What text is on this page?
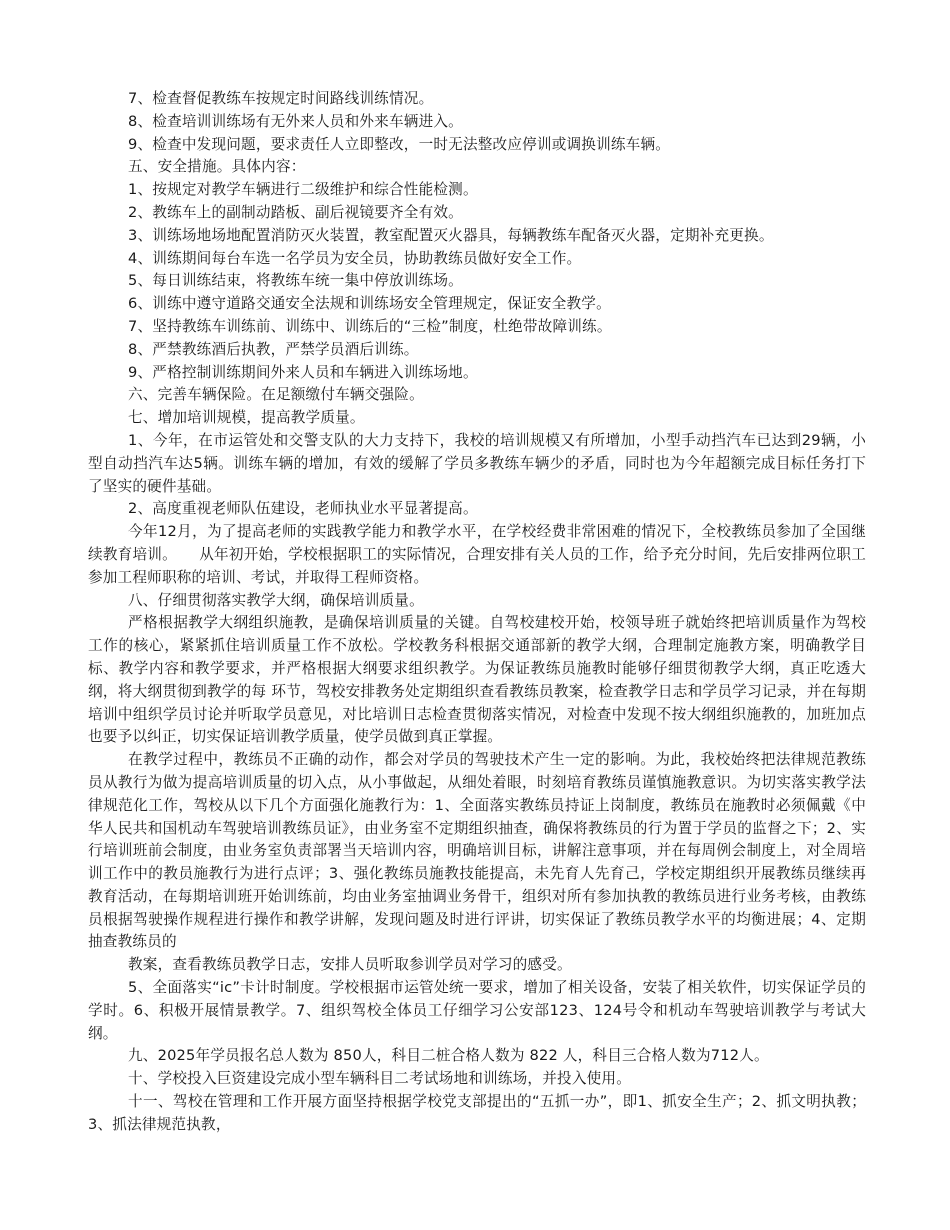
7、检查督促教练车按规定时间路线训练情况。

8、检查培训训练场有无外来人员和外来车辆进入。

9、检查中发现问题，要求责任人立即整改，一时无法整改应停训或调换训练车辆。

五、安全措施。具体内容：

1、按规定对教学车辆进行二级维护和综合性能检测。

2、教练车上的副制动踏板、副后视镜要齐全有效。

3、训练场地场地配置消防灭火装置，教室配置灭火器具，每辆教练车配备灭火器，定期补充更换。

4、训练期间每台车选一名学员为安全员，协助教练员做好安全工作。

5、每日训练结束，将教练车统一集中停放训练场。

6、训练中遵守道路交通安全法规和训练场安全管理规定，保证安全教学。

7、坚持教练车训练前、训练中、训练后的“三检”制度，杜绝带故障训练。

8、严禁教练酒后执教，严禁学员酒后训练。

9、严格控制训练期间外来人员和车辆进入训练场地。

六、完善车辆保险。在足额缴付车辆交强险。

七、增加培训规模，提高教学质量。

1、今年，在市运管处和交警支队的大力支持下，我校的培训规模又有所增加，小型手动挡汽车已达到29辆，小型自动挡汽车达5辆。训练车辆的增加，有效的缓解了学员多教练车辆少的矛盾，同时也为今年超额完成目标任务打下了坚实的硬件基础。

2、高度重视老师队伍建设，老师执业水平显著提高。

今年12月，为了提高老师的实践教学能力和教学水平，在学校经费非常困难的情况下，全校教练员参加了全国继续教育培训。　　从年初开始，学校根据职工的实际情况，合理安排有关人员的工作，给予充分时间，先后安排两位职工参加工程师职称的培训、考试，并取得工程师资格。

八、仔细贯彻落实教学大纲，确保培训质量。

严格根据教学大纲组织施教，是确保培训质量的关键。自驾校建校开始，校领导班子就始终把培训质量作为驾校工作的核心，紧紧抓住培训质量工作不放松。学校教务科根据交通部新的教学大纲，合理制定施教方案，明确教学目标、教学内容和教学要求，并严格根据大纲要求组织教学。为保证教练员施教时能够仔细贯彻教学大纲，真正吃透大纲，将大纲贯彻到教学的每 环节，驾校安排教务处定期组织查看教练员教案，检查教学日志和学员学习记录，并在每期培训中组织学员讨论并听取学员意见，对比培训日志检查贯彻落实情况，对检查中发现不按大纲组织施教的，加班加点也要予以纠正，切实保证培训教学质量，使学员做到真正掌握。

在教学过程中，教练员不正确的动作，都会对学员的驾驶技术产生一定的影响。为此，我校始终把法律规范教练员从教行为做为提高培训质量的切入点，从小事做起，从细处着眼，时刻培育教练员谨慎施教意识。为切实落实教学法律规范化工作，驾校从以下几个方面强化施教行为：1、全面落实教练员持证上岗制度，教练员在施教时必须佩戴《中华人民共和国机动车驾驶培训教练员证》，由业务室不定期组织抽查，确保将教练员的行为置于学员的监督之下；2、实行培训班前会制度，由业务室负责部署当天培训内容，明确培训目标，讲解注意事项，并在每周例会制度上，对全周培训工作中的教员施教行为进行点评；3、强化教练员施教技能提高，未先育人先育己，学校定期组织开展教练员继续再教育活动，在每期培训班开始训练前，均由业务室抽调业务骨干，组织对所有参加执教的教练员进行业务考核，由教练员根据驾驶操作规程进行操作和教学讲解，发现问题及时进行评讲，切实保证了教练员教学水平的均衡进展；4、定期抽查教练员的

教案，查看教练员教学日志，安排人员听取参训学员对学习的感受。

5、全面落实“ic”卡计时制度。学校根据市运管处统一要求，增加了相关设备，安装了相关软件，切实保证学员的学时。6、积极开展情景教学。7、组织驾校全体员工仔细学习公安部123、124号令和机动车驾驶培训教学与考试大纲。

九、2025年学员报名总人数为 850人，科目二桩合格人数为 822 人，科目三合格人数为712人。

十、学校投入巨资建设完成小型车辆科目二考试场地和训练场，并投入使用。

十一、驾校在管理和工作开展方面坚持根据学校党支部提出的“五抓一办”，即1、抓安全生产；2、抓文明执教；3、抓法律规范执教，
